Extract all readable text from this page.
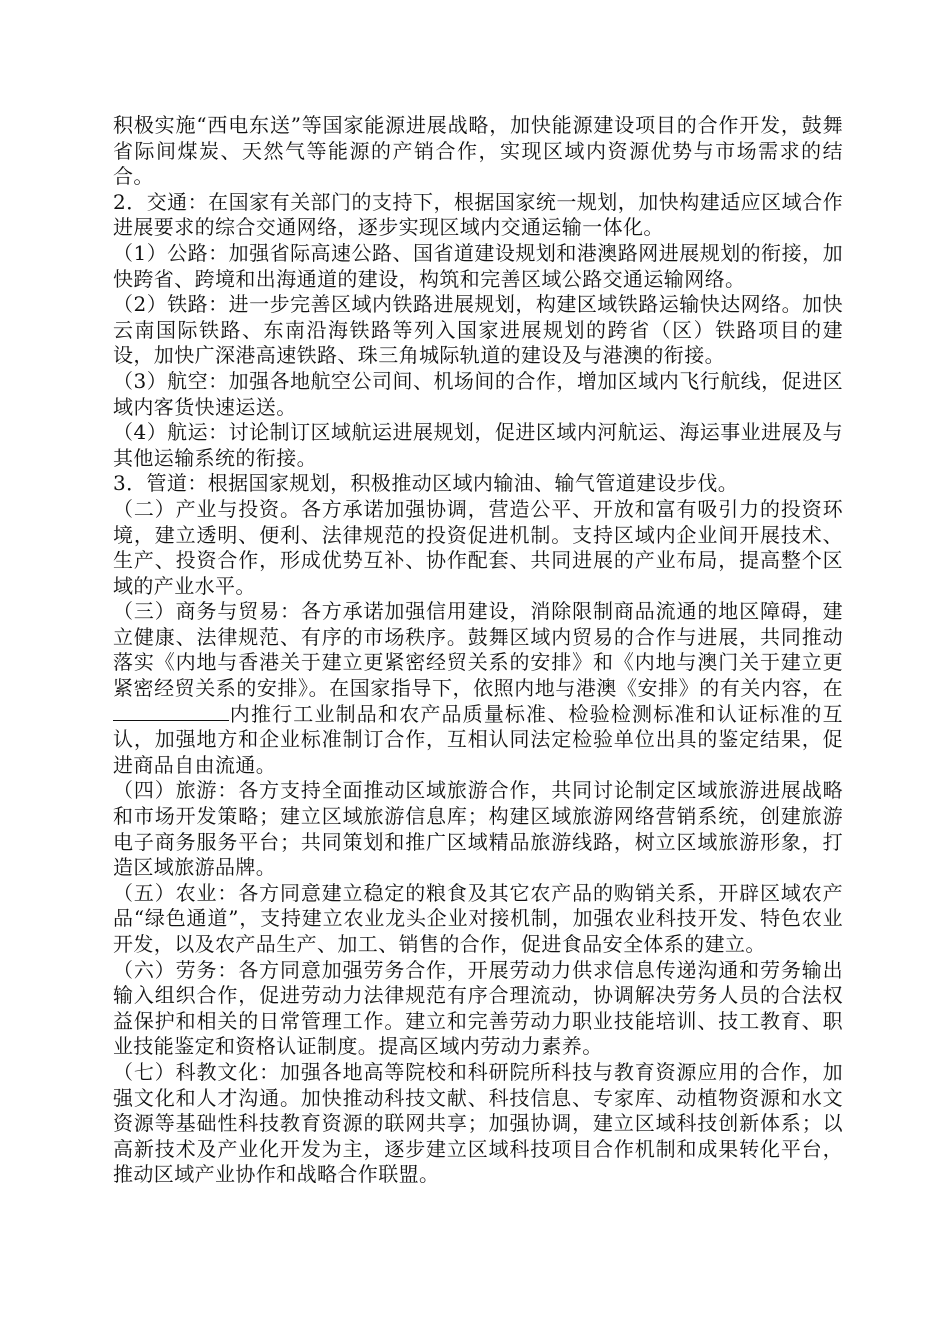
积极实施“西电东送”等国家能源进展战略，加快能源建设项目的合作开发，鼓舞省际间煤炭、天然气等能源的产销合作，实现区域内资源优势与市场需求的结合。

2．交通：在国家有关部门的支持下，根据国家统一规划，加快构建适应区域合作进展要求的综合交通网络，逐步实现区域内交通运输一体化。

（1）公路：加强省际高速公路、国省道建设规划和港澳路网进展规划的衔接，加快跨省、跨境和出海通道的建设，构筑和完善区域公路交通运输网络。

（2）铁路：进一步完善区域内铁路进展规划，构建区域铁路运输快达网络。加快云南国际铁路、东南沿海铁路等列入国家进展规划的跨省（区）铁路项目的建设，加快广深港高速铁路、珠三角城际轨道的建设及与港澳的衔接。

（3）航空：加强各地航空公司间、机场间的合作，增加区域内飞行航线，促进区域内客货快速运送。

（4）航运：讨论制订区域航运进展规划，促进区域内河航运、海运事业进展及与其他运输系统的衔接。

3．管道：根据国家规划，积极推动区域内输油、输气管道建设步伐。

（二）产业与投资。各方承诺加强协调，营造公平、开放和富有吸引力的投资环境，建立透明、便利、法律规范的投资促进机制。支持区域内企业间开展技术、生产、投资合作，形成优势互补、协作配套、共同进展的产业布局，提高整个区域的产业水平。

（三）商务与贸易：各方承诺加强信用建设，消除限制商品流通的地区障碍，建立健康、法律规范、有序的市场秩序。鼓舞区域内贸易的合作与进展，共同推动落实《内地与香港关于建立更紧密经贸关系的安排》和《内地与澳门关于建立更紧密经贸关系的安排》。在国家指导下，依照内地与港澳《安排》的有关内容，在内推行工业制品和农产品质量标准、检验检测标准和认证标准的互认，加强地方和企业标准制订合作，互相认同法定检验单位出具的鉴定结果，促进商品自由流通。

（四）旅游：各方支持全面推动区域旅游合作，共同讨论制定区域旅游进展战略和市场开发策略；建立区域旅游信息库；构建区域旅游网络营销系统，创建旅游电子商务服务平台；共同策划和推广区域精品旅游线路，树立区域旅游形象，打造区域旅游品牌。

（五）农业：各方同意建立稳定的粮食及其它农产品的购销关系，开辟区域农产品“绿色通道”，支持建立农业龙头企业对接机制，加强农业科技开发、特色农业开发，以及农产品生产、加工、销售的合作，促进食品安全体系的建立。

（六）劳务：各方同意加强劳务合作，开展劳动力供求信息传递沟通和劳务输出输入组织合作，促进劳动力法律规范有序合理流动，协调解决劳务人员的合法权益保护和相关的日常管理工作。建立和完善劳动力职业技能培训、技工教育、职业技能鉴定和资格认证制度。提高区域内劳动力素养。

（七）科教文化：加强各地高等院校和科研院所科技与教育资源应用的合作，加强文化和人才沟通。加快推动科技文献、科技信息、专家库、动植物资源和水文资源等基础性科技教育资源的联网共享；加强协调，建立区域科技创新体系；以高新技术及产业化开发为主，逐步建立区域科技项目合作机制和成果转化平台，推动区域产业协作和战略合作联盟。
